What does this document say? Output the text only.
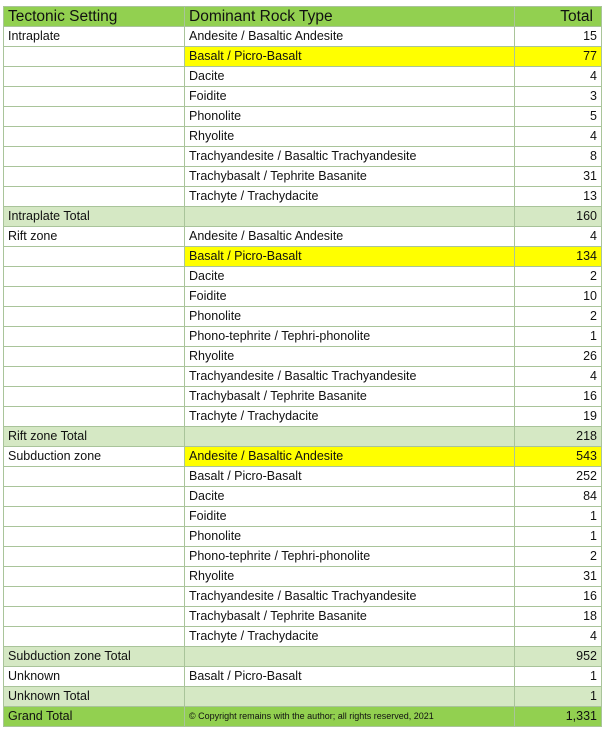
Tectonic Setting	Dominant Rock Type	Total
Intraplate	Andesite / Basaltic Andesite	15
	Basalt / Picro-Basalt	77
	Dacite	4
	Foidite	3
	Phonolite	5
	Rhyolite	4
	Trachyandesite / Basaltic Trachyandesite	8
	Trachybasalt / Tephrite Basanite	31
	Trachyte / Trachydacite	13
Intraplate Total		160
Rift zone	Andesite / Basaltic Andesite	4
	Basalt / Picro-Basalt	134
	Dacite	2
	Foidite	10
	Phonolite	2
	Phono-tephrite / Tephri-phonolite	1
	Rhyolite	26
	Trachyandesite / Basaltic Trachyandesite	4
	Trachybasalt / Tephrite Basanite	16
	Trachyte / Trachydacite	19
Rift zone Total		218
Subduction zone	Andesite / Basaltic Andesite	543
	Basalt / Picro-Basalt	252
	Dacite	84
	Foidite	1
	Phonolite	1
	Phono-tephrite / Tephri-phonolite	2
	Rhyolite	31
	Trachyandesite / Basaltic Trachyandesite	16
	Trachybasalt / Tephrite Basanite	18
	Trachyte / Trachydacite	4
Subduction zone Total		952
Unknown	Basalt / Picro-Basalt	1
Unknown Total		1
Grand Total	© Copyright remains with the author; all rights reserved, 2021	1,331
